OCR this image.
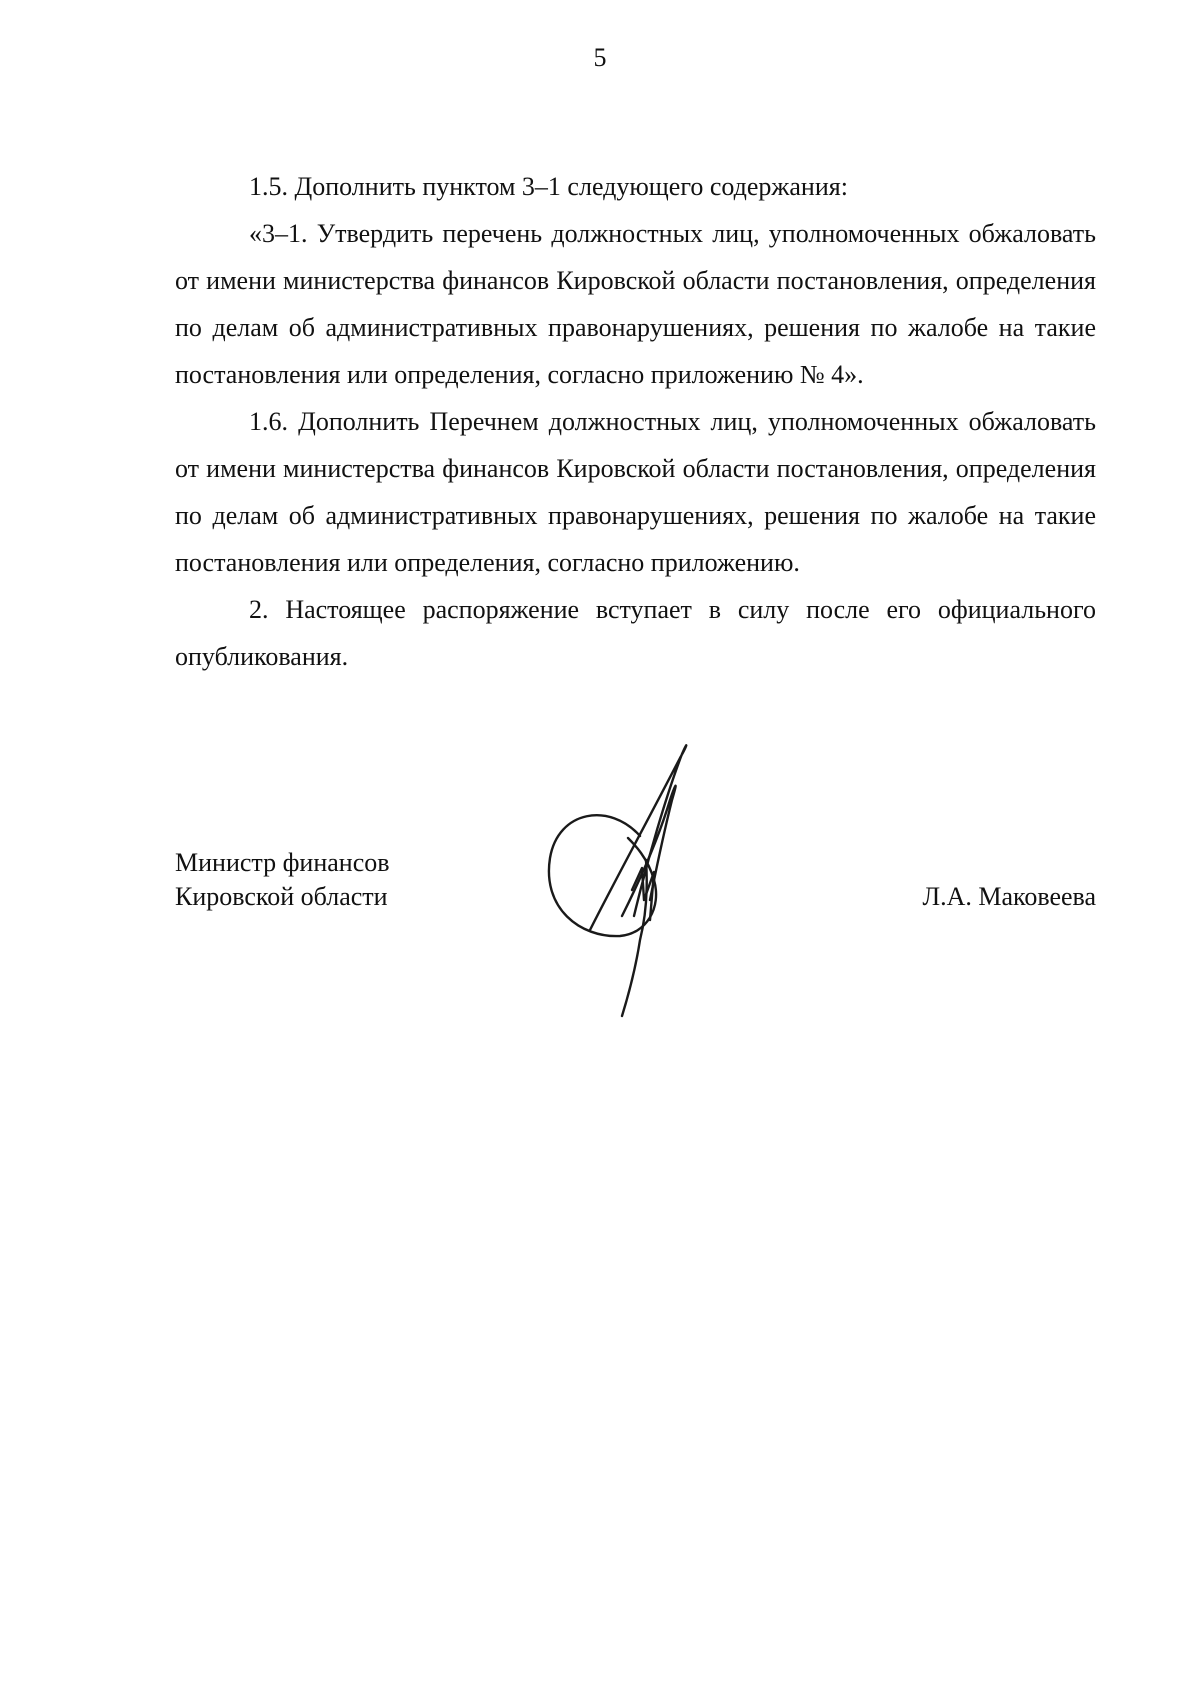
5

1.5. Дополнить пунктом 3–1 следующего содержания:

«3–1. Утвердить перечень должностных лиц, уполномоченных обжаловать от имени министерства финансов Кировской области постановления, определения по делам об административных правонарушениях, решения по жалобе на такие постановления или определения, согласно приложению № 4».

1.6. Дополнить Перечнем должностных лиц, уполномоченных обжаловать от имени министерства финансов Кировской области постановления, определения по делам об административных правонарушениях, решения по жалобе на такие постановления или определения, согласно приложению.

2. Настоящее распоряжение вступает в силу после его официального опубликования.

Министр финансов
Кировской области	Л.А. Маковеева
